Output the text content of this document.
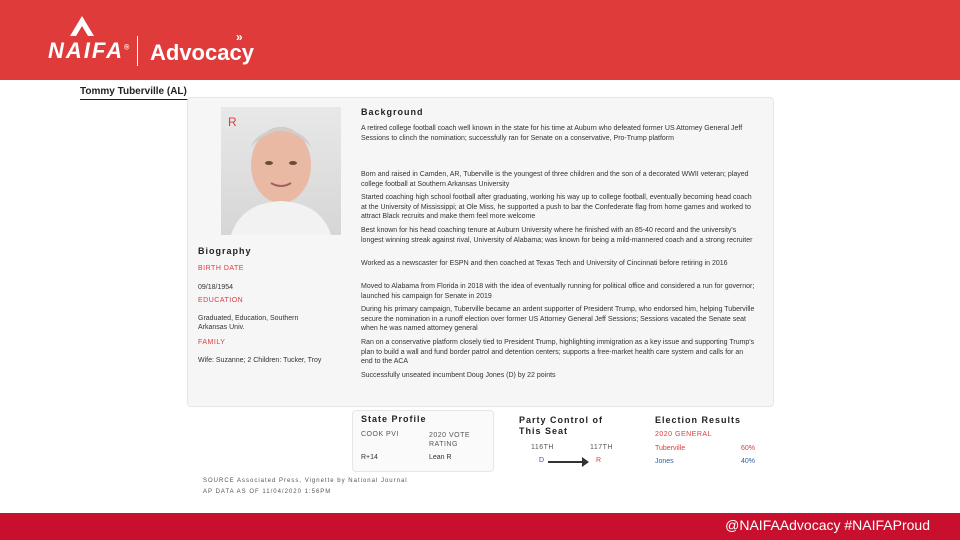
NAIFA® Advocacy
»
Tommy Tuberville (AL)
R
Biography
BIRTH DATE
09/18/1954
EDUCATION
Graduated, Education, Southern Arkansas Univ.
FAMILY
Wife: Suzanne; 2 Children: Tucker, Troy
Background
A retired college football coach well known in the state for his time at Auburn who defeated former US Attorney General Jeff Sessions to clinch the nomination; successfully ran for Senate on a conservative, Pro-Trump platform
Born and raised in Camden, AR, Tuberville is the youngest of three children and the son of a decorated WWII veteran; played college football at Southern Arkansas University
Started coaching high school football after graduating, working his way up to college football, eventually becoming head coach at the University of Mississippi; at Ole Miss, he supported a push to bar the Confederate flag from home games and worked to attract Black recruits and make them feel more welcome
Best known for his head coaching tenure at Auburn University where he finished with an 85-40 record and the university's longest winning streak against rival, University of Alabama; was known for being a mild-mannered coach and a strong recruiter
Worked as a newscaster for ESPN and then coached at Texas Tech and University of Cincinnati before retiring in 2016
Moved to Alabama from Florida in 2018 with the idea of eventually running for political office and considered a run for governor; launched his campaign for Senate in 2019
During his primary campaign, Tuberville became an ardent supporter of President Trump, who endorsed him, helping Tuberville secure the nomination in a runoff election over former US Attorney General Jeff Sessions; Sessions vacated the Senate seat when he was named attorney general
Ran on a conservative platform closely tied to President Trump, highlighting immigration as a key issue and supporting Trump's plan to build a wall and fund border patrol and detention centers; supports a free-market health care system and calls for an end to the ACA
Successfully unseated incumbent Doug Jones (D) by 22 points
State Profile
COOK PVI	2020 VOTE RATING
R+14	Lean R
Party Control of
This Seat
116TH	117TH
D	R
Election Results
2020 GENERAL
Tuberville	60%
Jones	40%
SOURCE Associated Press, Vignette by National Journal
AP DATA AS OF 11/04/2020 1:56PM
@NAIFAAdvocacy #NAIFAProud
